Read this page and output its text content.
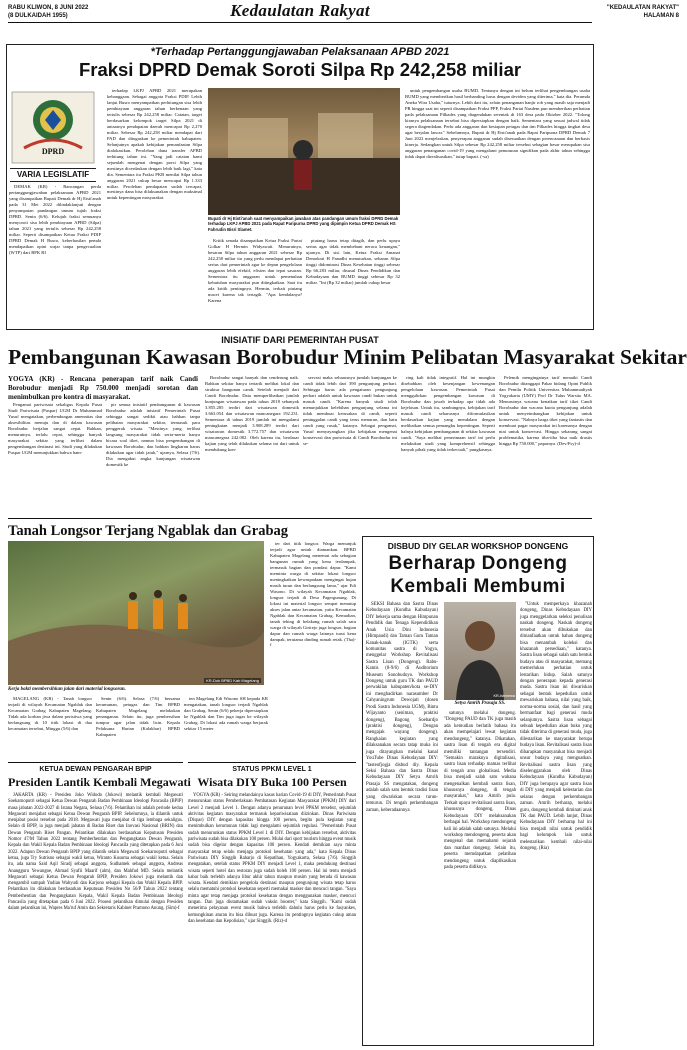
RABU KLIWON, 8 JUNI 2022
(8 DULKAIDAH 1955)	Kedaulatan Rakyat	"KEDAULATAN RAKYAT"
HALAMAN 8
*Terhadap Pertanggungjawaban Pelaksanaan APBD 2021
Fraksi DPRD Demak Soroti Silpa Rp 242,258 miliar
DPRD
VARIA LEGISLATIF

DEMAK (KR) - Rancangan perda pertanggungjawaban pelaksanaan APBD 2021 yang disampaikan Bupati Demak dr Hj Eisti'anah pada 31 Mei 2022 dilindaklanjuti dengan penyampaian pandangan umum tujuh fraksi DPRD. Senin (6/6). Kelujuh fraksi semuanya menyoroti sisa lebih pembiayaan APBD (Silpa) tahun 2021 yang tertulis sebesar Rp 242,258 miliar. Seperti disampaikan Ketua Fraksi PDIP DPRD Demak H Busro, keberhasilan pemda mendapatkan opini wajar tanpa pengecualian (WTP) dari BPK RI

terhadap LKPJ APBD 2021 merupakan kebanggaan. Sebagai anggota Fraksi PDIP. Lebih lanjut Busro menyampaikan perhitungan sisa lebih pembiayaan anggaran tahun berkenaan yang tertulis sebesar Rp 242,258 miliar. Catatan, target berdasarkan kelompok target Silpa 2021 di antaranya pendapatan daerah mencapai Rp 2,270 miliar. Sebesar Rp 242,258 miliar mendapat dari PAD dan ditugaskan ke pemerintah kabupaten. Selanjutnya apakah kebijakan pemanfaatan Silpa dialokasikan. Perolehan dana transfer APBD terhitung tahun ini. "Yang jadi catatan kami sejumlah mengenai dengan porsi Silpa yang mestinya dicerdaskan dengan lebih baik lagi," kata dia. Sementara itu Fraksi PKB menilai Silpa tahun anggaran 2021 cukup besar mencapai Rp 1.333 miliar. Perolehan pendapatan sudah tercapai, mestinya dana bisa dilaksanakan dengan maksimal untuk kepentingan masyarakat.

Bupati dr Hj Eisti'anah saat menyampaikan jawaban atas pandangan umum fraksi DPRD Demak terhadap LKPJ APBD 2021 pada Rapat Paripurna DPRD yang dipimpin Ketua DPRD Demak HS Fahrudin Bisri Slamet.

Kritik senada disampaikan Ketua Fraksi Partai Golkar H Hermin Widyawati. Menurutnya, besaran Silpa tahun anggaran 2021 sebesar Rp 242,258 miliar itu yang perlu mendapat perhatian serius dari pemerintah agar ke depan pengelolaan anggaran lebih efektif, efisien dan tepat sasaran. Sementara itu anggaran untuk pemenuhan kebutuhan masyarakat pun ditingkatkan. Saat itu ada kritik pentingnya, Hermin, terkait piutang macet karena tak tertagih. "Apa kendalanya? Karena

piutang harus tetap ditagih, dan perlu upaya serius agar tidak membebani neraca keuangan," ujarnya. Di sisi lain, Ketua Fraksi Amanat Demokrat H Fanadhi menuturkan, sebaran Silpa tinggi didominasi Dinas Kesehatan tinggi sebesar Rp 66,283 miliar, disusul Dinas Pendidikan dan Kebudayaan dan BUMD tinggi sebesar Rp 32 miliar. "Ini (Rp 32 miliar) jumlah cukup besar

untuk pengembangan usaha BUMD. Tentunya dengan ini belum terlihat pengembangan usaha BUMD yang memberikan hasil berbanding lurus dengan deviden yang diterima," kata dia. Perumda Aneka Wira Usaha," tuturnya. Lebih dari itu, selain penanganan banjir rob yang masih saja menjadi PR hingga saat ini seperti disampaikan Fraksi PPP, Fraksi Partai Nasdem pun memberikan perhatian pada pelaksanaan Pilkades yang diagendakan serentak di 163 desa pada Oktober 2022. "Tolong kiranya pelaksanaan tersebut bisa dipersiapkan dengan baik. Sementara yang sesuai jadwal tidak segera diagendakan. Perlu ada anggaran dan kesiapan petugas dan tim Pilkades hingga tingkat desa agar berjalan lancar." Sebelumnya, Bupati dr Hj Eisti'anah pada Rapat Paripurna DPRD Demak 7 Juni 2022 menjelaskan, penyerapan anggaran sudah disesuaikan dengan perencanaan dan berbasis kinerja. Sedangkan untuk Silpa sebesar Rp 242,258 miliar tersebut sebagian besar merupakan sisa anggaran penanganan covid-19 yang mengalami penurunan signifikan pada akhir tahun sehingga tidak dapat direalisasikan," tutup bupati. (-sa)

INISIATIF DARI PEMERINTAH PUSAT
Pembangunan Kawasan Borobudur Minim Pelibatan Masyarakat Sekitar
YOGYA (KR) - Rencana penerapan tarif naik Candi Borobudur menjadi Rp 750.000 menjadi sorotan dan menimbulkan pro kontra di masyarakat.

Pengamat pariwisata sekaligus Kepala Pusat Studi Pariwisata (Puspar) UGM Dr Muhammad Yusuf mengatakan, perbendungan amennitas dan aksesibilitas menuju dan di dalam kawasan Borobudur berjalan sangat cepat. Bahkan, menurutnya, terlalu cepat, sehingga banyak masyarakat sekitar yang terlibat dalam pengembangan destinasi ini. Studi yang dilakukan Puspar UGM menunjukkan bahwa ham-

pir semua inisiatif pembangunan di kawasan Borobudur adalah inisiatif Pemerintah Pusat sehingga sangat sedikit atau bahkan tanpa pelibatan masyarakat sekitar, termasuk para penggerak wisata. "Mestinya yang terlibat langsung masyarakat tidak serta-merta hanya bicara soal tiket, namun bisa pengembangan di kawasan Borobudur, dan bahkan lingkaran harus dilakukan agar tidak jatuh," ujarnya, Selasa (7/6). Dia mengakui angka kunjungan wisatawan domestik ke

Borobudur sangat banyak dan cenderung naik. Bahkan sekitar hanya tertarik melihat lokal dan struktur bangunan candi. Setelah menjadi dari Candi Borobudur. Data memperlihatkan jumlah kunjungan wisatawan pada tahun 2018 sebanyak 3.855.285 terdiri dari wisatawan domestik 3.663.054 dan wisatawan mancanegara 192.231. Sementara di tahun 2019 jumlah ini mengalami peningkatan menjadi 3.908.289 terdiri dari wisatawan domestik 3.772.757 dan wisatawan mancanegara 242.082. Oleh karena itu, berdasar kajian yang telah dilakukan selama ini dari untuk mendukung kon-

servasi maka seharusnya jumlah kunjungan ke candi tidak lebih dari 390 pengunjung perhari. Sehingga harus ada pengaturan pengunjung perhari adalah untuk kawasan candi bukan untuk masuk candi. "Karena banyak studi telah menunjukkan kelebihan pengunjung selama ini tidak membuat kerusakan di candi, seperti peninggalan candi yang terus menurun, dan batu candi yang rusak," katanya. Sebagai pengamat, Yusuf menyayangkan jika kebijakan mengenai konservasi dan pariwisata di Candi Borobudur ini se-

ring kali tidak integratif. Hal ini mungkin disebabkan oleh kesenjangan kewenangan pengelolaan kawasan. Pemerintah Pusat menggulirkan pengembangan kawasan di Borobudur dan jawab terhadap apa tidak ada kejelasan. Untuk itu, sambungnya, kebijakan tarif masuk candi seharusnya diformulasikan berdasarkan kajian yang mendalam dengan melibatkan semua pemangku kepentingan. Seperti halnya kebijakan pembangunan di sekitar kawasan candi. "Saya melihat penerimaan tarif ini perlu melakukan studi yang komprehensif sehingga banyak pihak yang tidak terkecuali," pungkasnya.

Pelemik mengingatnya tarif menaiki Candi Borobudur ditanggapi Pakar bidang Opini Publik dan Pemilu Politik Universitas Muhammadiyah Yogyakarta (UMY) Prof Dr Tulus Warsito MA. Menurutnya wacana kenaikan tarif tiket Candi Borobudur dan wacana kuota pengunjung adalah untuk menyeimbangkan kebijakan untuk konservasi. "Nahnya harga tiket yang fantastis dan membuat pagar masyarakat ini karenanya dengan niat untuk konservasi. Hingga sekarang sangat problematika, karena tiba-tiba bisa naik drastis hingga Rp 750.000," paparnya. (Dev/Fsy)-d

Tanah Longsor Terjang Ngablak dan Grabag
KR-Dok BPBD Kab Magelang
Kerja bakti membersihkan jalan dari material longsoran.

MAGELANG (KR) - Tanah longsor terjadi di wilayah Kecamatan Ngablak dan Kecamatan Grabag Kabupaten Magelang. Tidak ada korban jiwa dalam peristiwa yang berlangsung di 10 titik lokasi di dua kecamatan tersebut, Minggu (5/6) dan

Senin (6/6). Selasa (7/6) bersama kerumunan, petugas dan Tim BPBD Kabupaten Magelang melakukan penanganan. Selain itu, juga pembersihan tumpur agar jalan tidak licin. Kepala Pelaksana Harian (Kalakhar) BPBD Kabupaten

ten Magelang Edi Wasono SH kepada KR mengatakan, tanah longsor terjadi Ngablak dan Grabag. Senin (6/6) pekerja dipersiapkan ke Ngablak dan Tim juga tugas ke wilayah Grabag. Di lokasi ada rumah warga berjarak sekitar 15 meter

ter dari titik longsor. Warga menunjuk terjadi agar untuk diamankan. BPBD Kabupaten Magelang menemui ada sebagian bangunan rumah yang kena terdampak, termasuk bagian dan pondasi dapur. "Kami meminta warga di sekitar lokasi longsor meningkatkan kewaspadaan mengingat hujan masih turun dan berlangsung lama," ujar Edi Wasono. Di wilayah Kecamatan Ngablak, longsor terjadi di Desa Pagergunung. Di lokasi ini material longsor sempat menutup akses jalan antar kecamatan, yaitu Kecamatan Ngablak dan Kecamatan Grabag. Kemudian, tanah tebing di belakang rumah salah satu warga di wilayah Girirejo juga longsor, bagian dapur dan rumah warga lainnya turut kena dampak, terutama dinding rumah retak. (Tha)-f

KETUA DEWAN PENGARAH BPIP
Presiden Lantik Kembali Megawati

JAKARTA (KR) - Presiden Joko Widodo (Jokowi) melantik kembali Megawati Soekarnoputri sebagai Ketua Dewan Pengarah Badan Pembinaan Ideologi Pancasila (BPIP) masa jabatan 2022-2027 di Istana Negara, Selasa (7/6). Pelantikan ini adalah periode kedua Megawati menjabat sebagai Ketua Dewan Pengarah BPIP. Sebelumnya, ia dilantik untuk menjabat posisi tersebut pada 2018. Megawati juga menjabat di tiga lembaga sekaligus. Selain di BPIP, ia juga menjadi jabatan di Badan Riset dan Inovasi Nasional (BRIN) dan Dewan Pengarah Riset Pangan. Pelantikan dilakukan berdasarkan Keputusan Presiden Nomor 47/M Tahun 2022 tentang Pemberhentian dan Pengangkatan Dewan Pengarah, Kepala dan Wakil Kepala Badan Pembinaan Ideologi Pancasila yang ditetapkan pada 6 Juni 2022. Adapun Dewan Pengarah BPIP yang dilantik selain Megawati Soekarnoputri sebagai ketua, juga Try Sutrisno sebagai wakil ketua, Wiranto Kusuma sebagai wakil ketua. Selain itu, ada nama Said Aqil Siradj sebagai anggota, Sudhamek sebagai anggota, Andreas Anangguru Yewangoe, Ahmad Syafii Maarif (alm), dan Mahfud MD. Selain melantik Megawati sebagai Ketua Dewan Pengarah BPIP, Presiden Jokowi juga melantik dan mengambil sumpah Yudian Wahyudi dan Karjono sebagai Kepala dan Wakil Kepala BPIP. Pelantikan itu dilakukan berdasarkan Keputusan Presiden No 56/P Tahun 2022 tentang Pemberhentian dan Pengangkatan Kepala, Wakil Kepala Badan Pembinaan Ideologi Pancasila yang ditetapkan pada 6 Juni 2022. Prosesi pelantikan dimulai dengan Presiden dalam pelantikan ini, Wapres Ma'ruf Amin dan Sekretaris Kabinet Pramono Anung. (Sim)-f

STATUS PPKM LEVEL 1
Wisata DIY Buka 100 Persen

YOGYA (KR) - Seiring melandainya kasus harian Covid-19 di DIY, Pemerintah Pusat menurunkan status Pemberlakuan Pembatasan Kegiatan Masyarakat (PPKM) DIY dari Level 2 menjadi Level 1. Dengan adanya penurunan level PPKM tersebut, sejumlah aktivitas kegiatan masyarakat termasuk kepariwisataan diizinkan. Dinas Pariwisata (Dispar) DIY dengan kapasitas hingga 100 persen, begitu pula kegiatan yang menimbulkan kerumunan tidak lagi mengalami sejumlah regulasi. "Pemerintah Pusat sudah menurunkan status PPKM Level 1 di DIY. Dengan kebijakan tersebut, aktivitas pariwisata sudah bisa dilakukan 100 persen. Mulai dari sport tourism hingga event musik sudah bisa digelar dengan kapasitas 100 persen. Kendati demikian saya minta masyarakat tetap selalu menjaga protokol kesehatan yang ada," kata Kepala Dinas Pariwisata DIY Singgih Raharjo di Kepatihan, Yogyakarta, Selasa (7/6). Singgih mengatakan, setelah status PPKM DIY menjadi Level 1, maka pendukung destinasi wisata seperti hotel dan restoran juga sudah boleh 100 persen. Hal ini tentu menjadi kabar baik terlebih adanya libur akhir tahun maupun musim yang berada di kawasan wisata. Kendati demikian pengelola destinasi maupun pengunjung wisata tetap harus selalu mematuhi protokol kesehatan seperti memakai masker dan mencuci tangan. "Saya minta agar tetap menjaga protokol kesehatan dengan menggunakan masker, mencuci tangan. Dan juga diutamakan sudah vaksin booster," kata Singgih. "Kami sudah menerima pelayanan event musik bahwa terlebih dahulu harus perlu ke fasyankes, kemungkinan aturan itu bisa dibuat juga. Karena itu pentingnya kegiatan cukup aman dan kesehatan dan Kepolisian," ujar Singgih. (Riz)-d

DISBUD DIY GELAR WORKSHOP DONGENG
Berharap Dongeng
Kembali Membumi

SEKSI Bahasa dan Sastra Dinas Kebudayaan (Kundha Kabudayan) DIY bekerja sama dengan Himpunan Pendidik dan Tenaga Kependidikan Anak Usia Dini Indonesia (Himpaudi) dan Taman Guru Taman Kanak-kanak (IGTK) serta komunitas sastra di Yogya, menggelar Workshop Revitalisasi Sastra Lisan (Dongeng). Rabu-Kamis (8-9/6) di Auditorium Museum Sonobudoyo. Workshop Dongeng untuk guru TK dan PAUD perwakilan kabupaten/kota se-DIY ini menghadirkan narasumber Dr Cahyaningrum Dewojati (dosen Prodi Sastra Indonesia UGM), Bintu Wijayanto (seniman, praktisi dongeng), Bagong Soebardjo (praktisi dongeng), Dengan mengajak wayang dongeng). Rangkaian kegiatan yang dilaksanakan secara tatap muka ini juga ditayangkan melalui kanal YouTube Dinas Kebudayaan DIY: "tasteofjogja disbud diy. Kepala Seksi Bahasa dan Sastra Dinas Kebudayaan DIY Setya Amrih Prasaja SS mengatakan, dongeng adalah salah satu bentuk tradisi lisan yang diwariskan secara turun-temurun. Di tengah perkembangan zaman, keberadaannya

KR-Istimewa
Setya Amrih Prasaja SS.

satunya melalui dongeng. "Dongeng PAUD dan TK juga masih ada kemudian berlatih bahasa itu akan mempelajari lewat kegiatan mendongeng," katanya. Dikatakan, sastra lisan di tengah era digital memiliki tantangan tersendiri. "Semakin maraknya digitalisasi, sastra lisan terhadap mamas terlihat di tengah arus globalisasi. Media bisa menjadi salah satu wahana mengenalkan kembali sastra lisan, khususnya dongeng, di tengah masyarakat," kata Amrih pula. Terkait upaya revitalisasi sastra lisan, khususnya dongeng, Dinas Kebudayaan DIY melaksanakan berbagai hal. Workshop mendongeng kali ini adalah salah satunya. Melalui workshop mendongeng, peserta akan mengenal dan memahami sejarah dan manfaat dongeng. Selain itu, peserta memdapatkan pelatihan mendongeng untuk diaplikasikan pada peserta didiknya.

"Untuk memperkaya khazanah dongeng, Dinas Kebudayaan DIY juga menggelarkan seleksi penulisan naskah dongeng. Naskah dongeng tersebut akan dibukukan dan dimanfaatkan untuk bahan dongeng bisa menambah koleksi dan khazanah persediaan," katanya. Sastra lisan sebagai salah satu bentuk budaya atau di masyarakat, memang memerlukan perhatian untuk lestarikan hidup. Salah satunya dengan penerapan kepada generasi muda. Sastra lisan ini diwariskan sebagai bentuk kepedulian untuk mewariskan bahasa, nilai yang baik, norma-norma sosial, dan hasil yang bermanfaat bagi generasi muda selanjutnya. Sastra lisan sebagai sebuah kepedulian akan buku yang tidak diterima di generasi muda, juga dilestarikan ke masyarakat berupa budaya lisan. Revitalisasi sastra lisan diharapkan masyarakat bisa menjadi unsur budaya yang menguatkan. Revitalisasi sastra lisan yang diselenggarakan oleh Dinas Kebudayaan (Kundha Kabudayan) DIY juga berupaya agar sastra lisan di DIY yang menjadi kelestarian dan selaras dengan perkembangan zaman. Amrih berharap, melalui guru, dongeng kembali diminati anak TK dan PAUD. Lebih lanjut, Dinas Kebudayaan DIY berharap hal ini bisa menjadi nilai untuk pendidik bagi kelompok lain untuk melestarikan kembali nilai-nilai dongeng. (Ria)
